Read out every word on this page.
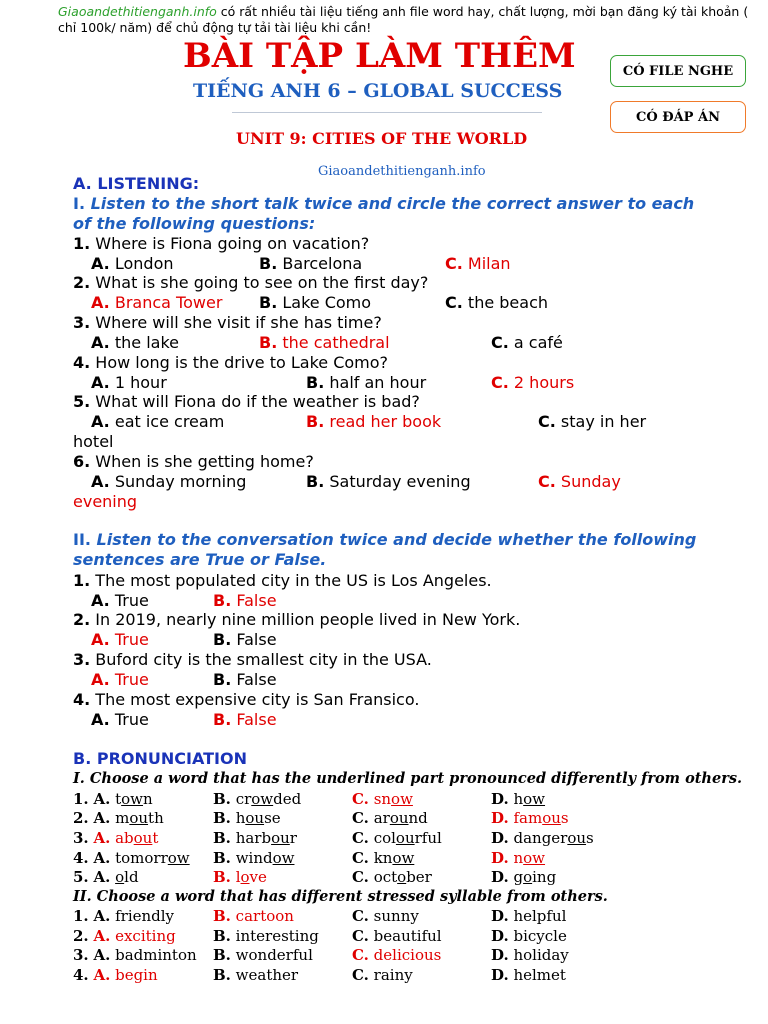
Giaoandethitienganh.info có rất nhiều tài liệu tiếng anh file word hay, chất lượng, mời bạn đăng ký tài khoản ( chỉ 100k/ năm) để chủ động tự tải tài liệu khi cần!
BÀI TẬP LÀM THÊM
TIẾNG ANH 6 – GLOBAL SUCCESS
UNIT 9: CITIES OF THE WORLD
Giaoandethitienganh.info
CÓ FILE NGHE
CÓ ĐÁP ÁN
A. LISTENING:
I. Listen to the short talk twice and circle the correct answer to each of the following questions:
1. Where is Fiona going on vacation?
A. London	B. Barcelona	C. Milan
2. What is she going to see on the first day?
A. Branca Tower B. Lake Como	C. the beach
3. Where will she visit if she has time?
A. the lake	B. the cathedral	C. a café
4. How long is the drive to Lake Como?
A. 1 hour	B. half an hour	C. 2 hours
5. What will Fiona do if the weather is bad?
A. eat ice cream	B. read her book	C. stay in her
hotel
6. When is she getting home?
A. Sunday morning	B. Saturday evening	C. Sunday
evening
II. Listen to the conversation twice and decide whether the following sentences are True or False.
1. The most populated city in the US is Los Angeles.
A. True	B. False
2. In 2019, nearly nine million people lived in New York.
A. True	B. False
3. Buford city is the smallest city in the USA.
A. True	B. False
4. The most expensive city is San Fransico.
A. True	B. False
B. PRONUNCIATION
I. Choose a word that has the underlined part pronounced differently from others.
1. A. town	B. crowded	C. snow	D. how
2. A. mouth	B. house	C. around	D. famous
3. A. about	B. harbour	C. colourful	D. dangerous
4. A. tomorrow B. window	C. know	D. now
5. A. old	B. love	C. october	D. going
II. Choose a word that has different stressed syllable from others.
1. A. friendly	B. cartoon	C. sunny	D. helpful
2. A. exciting B. interesting C. beautiful	D. bicycle
3. A. badminton B. wonderful	C. delicious	D. holiday
4. A. begin	B. weather	C. rainy	D. helmet
